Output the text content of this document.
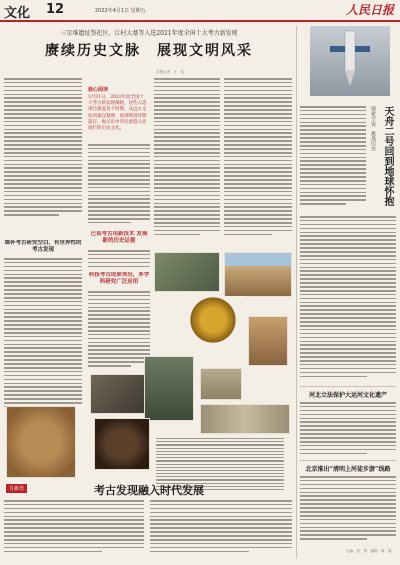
文化 12	2022年4月1日 星期五	人民日报
三星堆遗址祭祀区、江村大墓等入选2021年度全国十大考古新发现
赓续历史文脉　展现文明风采
本报记者　王　珏
填补考古研究空白，有世界性的考古发现
核心阅读
3月31日，2021年度全国十大考古新发现揭晓，这些入选项目涵盖各个时期，从远古文化到秦汉墓葬，再到明清时期遗存，揭示出中华民族悠久而灿烂的历史文化。
巴县考古用新技术 发现新的历史证据
科技考古成果突出，多学科研究广泛应用
月新语	考古发现融入时代发展
探索宇宙、挑战历史 天舟二号回到地球怀抱
河北立法保护大运河文化遗产
北京推出“清明上河徒步游”线路
主编：张　勇　编辑：周　丽
